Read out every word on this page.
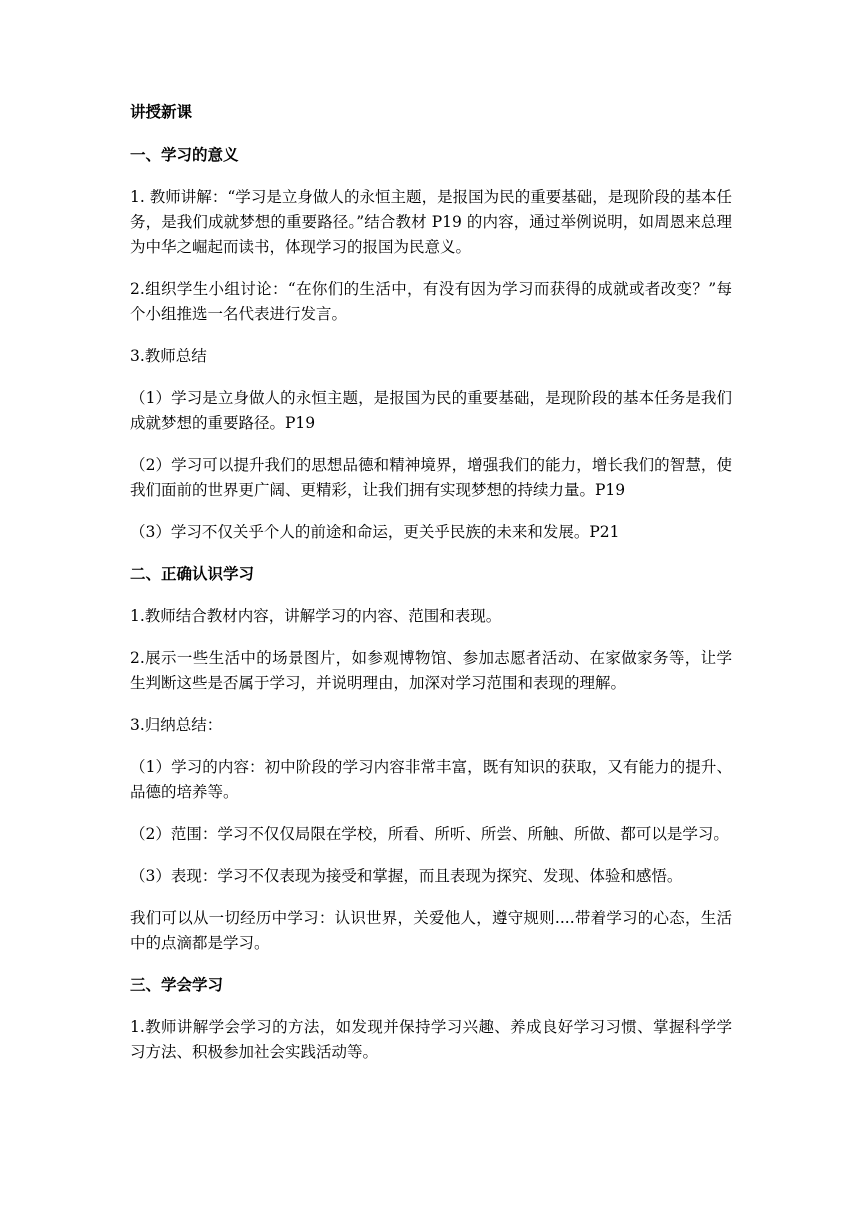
讲授新课
一、学习的意义
1. 教师讲解：“学习是立身做人的永恒主题，是报国为民的重要基础，是现阶段的基本任务，是我们成就梦想的重要路径。”结合教材 P19 的内容，通过举例说明，如周恩来总理为中华之崛起而读书，体现学习的报国为民意义。
2.组织学生小组讨论：“在你们的生活中，有没有因为学习而获得的成就或者改变？”每个小组推选一名代表进行发言。
3.教师总结
（1）学习是立身做人的永恒主题，是报国为民的重要基础，是现阶段的基本任务是我们成就梦想的重要路径。P19
（2）学习可以提升我们的思想品德和精神境界，增强我们的能力，增长我们的智慧，使我们面前的世界更广阔、更精彩，让我们拥有实现梦想的持续力量。P19
（3）学习不仅关乎个人的前途和命运，更关乎民族的未来和发展。P21
二、正确认识学习
1.教师结合教材内容，讲解学习的内容、范围和表现。
2.展示一些生活中的场景图片，如参观博物馆、参加志愿者活动、在家做家务等，让学生判断这些是否属于学习，并说明理由，加深对学习范围和表现的理解。
3.归纳总结：
（1）学习的内容：初中阶段的学习内容非常丰富，既有知识的获取，又有能力的提升、品德的培养等。
（2）范围：学习不仅仅局限在学校，所看、所听、所尝、所触、所做、都可以是学习。
（3）表现：学习不仅表现为接受和掌握，而且表现为探究、发现、体验和感悟。
我们可以从一切经历中学习：认识世界，关爱他人，遵守规则....带着学习的心态，生活中的点滴都是学习。
三、学会学习
1.教师讲解学会学习的方法，如发现并保持学习兴趣、养成良好学习习惯、掌握科学学习方法、积极参加社会实践活动等。
